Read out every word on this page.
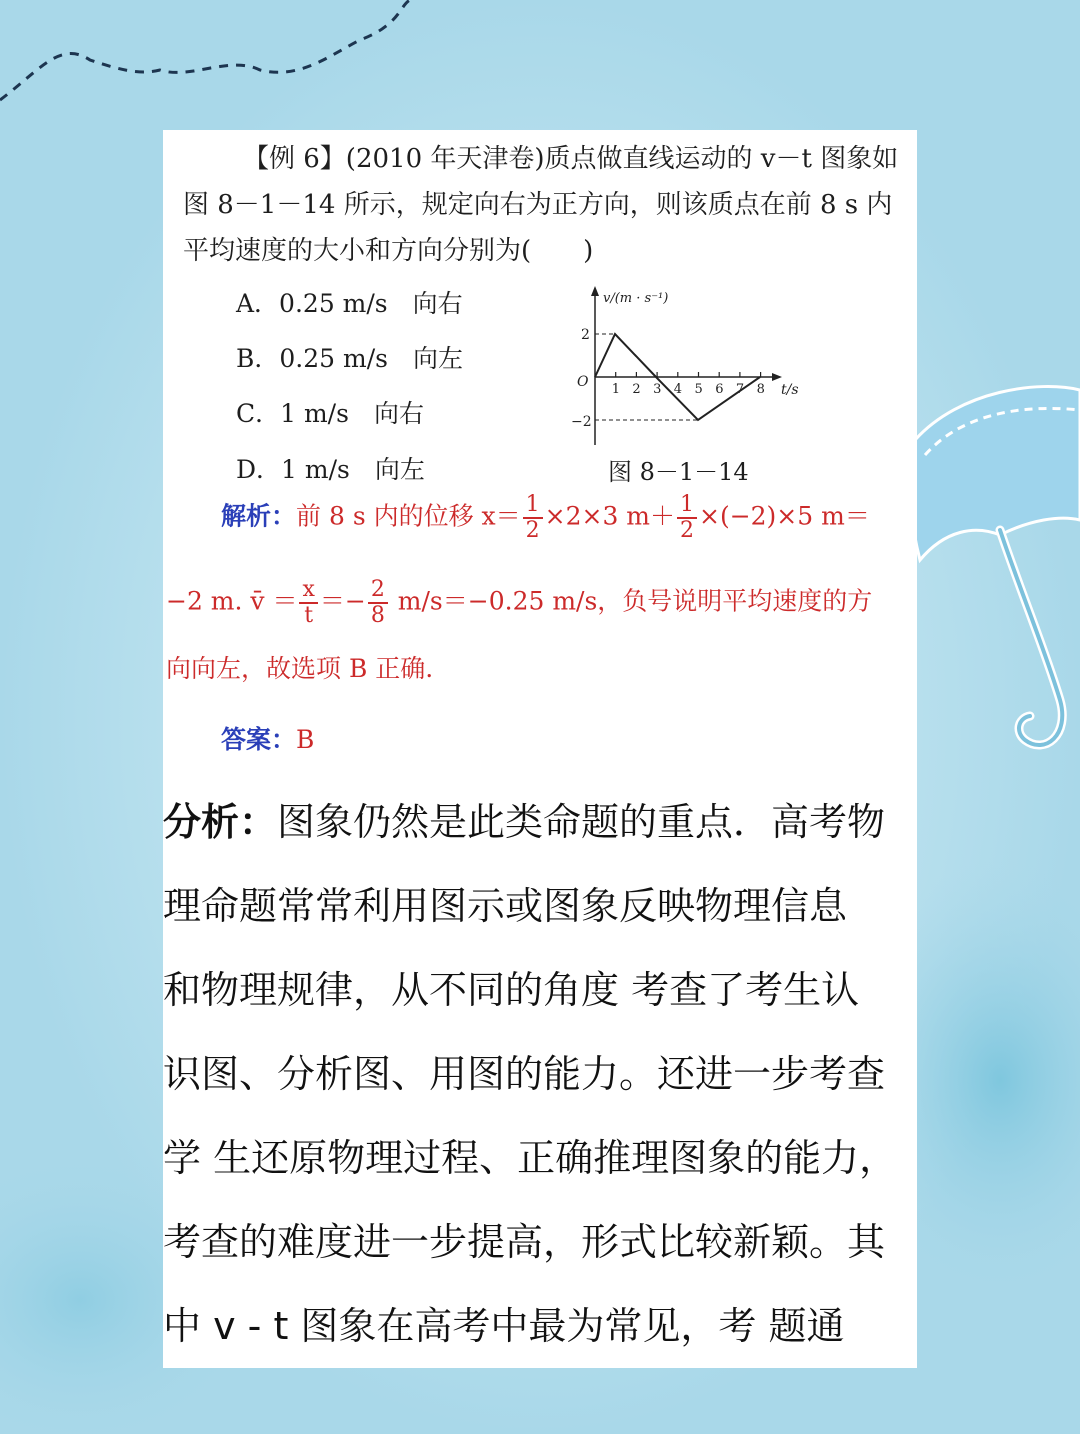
【例 6】(2010 年天津卷)质点做直线运动的 v－t 图象如
图 8－1－14 所示，规定向右为正方向，则该质点在前 8 s 内
平均速度的大小和方向分别为(　　)
A．0.25 m/s　向右
B．0.25 m/s　向左
C．1 m/s　向右
D．1 m/s　向左
v/(m · s⁻¹)
t/s
O
2
−2
1 2 3 4 5 6 7 8
图 8－1－14
解析：前 8 s 内的位移 $x= \frac{1}{2} \times 2\times 3$ $m+ \frac{1}{2} \times(-2)\times 5$ m＝
−2 m. v̄ ＝ $\frac{x}{t} =- \frac{2}{8} m/s=-0.25$ m/s，负号说明平均速度的方
向向左，故选项 B 正确.
答案：B
分析：图象仍然是此类命题的重点．高考物
理命题常常利用图示或图象反映物理信息
和物理规律，从不同的角度 考查了考生认
识图、分析图、用图的能力。还进一步考查
学 生还原物理过程、正确推理图象的能力，
考查的难度进一步提高，形式比较新颖。其
中 v - t 图象在高考中最为常见，考 题通
